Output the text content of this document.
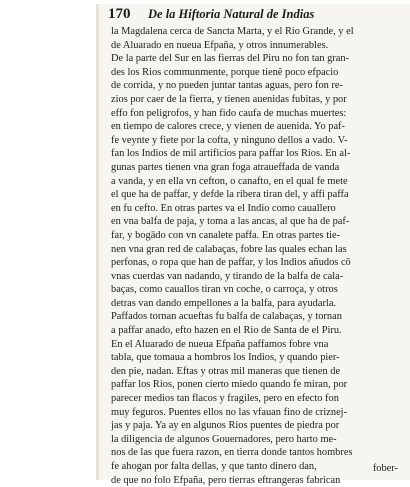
170 De la Hiftoria Natural de Indias
la Magdalena cerca de Sancta Marta, y el Rio Grande, y el
de Aluarado en nueua Efpaña, y otros innumerables.
De la parte del Sur en las fierras del Piru no fon tan gran-
des los Rios communmente, porque tienẽ poco efpacio
de corrida, y no pueden juntar tantas aguas, pero fon re-
zios por caer de la fierra, y tienen auenidas fubitas, y por
effo fon peligrofos, y han fido caufa de muchas muertes:
en tiempo de calores crece, y vienen de auenida. Yo paf-
fe veynte y fiete por la cofta, y ninguno dellos a vado. V-
fan los Indios de mil artificios para paffar los Rios. En al-
gunas partes tienen vna gran foga atraueffada de vanda
a vanda, y en ella vn cefton, o canafto, en el qual fe mete
el que ha de paffar, y defde la ribera tiran del, y affi paffa
en fu cefto. En otras partes va el Indio como cauallero
en vna balfa de paja, y toma a las ancas, al que ha de paf-
far, y bogādo con vn canalete paffa. En otras partes tie-
nen vna gran red de calabaças, fobre las quales echan las
perfonas, o ropa que han de paffar, y los Indios añudos cō
vnas cuerdas van nadando, y tirando de la balfa de cala-
baças, como cauallos tiran vn coche, o carroça, y otros
detras van dando empellones a la balfa, para ayudarla.
Paffados tornan acueftas fu balfa de calabaças, y tornan
a paffar anado, efto hazen en el Rio de Santa de el Piru.
En el Aluarado de nueua Efpaña paffamos fobre vna
tabla, que tomaua a hombros los Indios, y quando pier-
den pie, nadan. Eftas y otras mil maneras que tienen de
paffar los Rios, ponen cierto miedo quando fe miran, por
parecer medios tan flacos y fragiles, pero en efecto fon
muy feguros. Puentes ellos no las vfauan fino de criznej-
jas y paja. Ya ay en algunos Rios puentes de piedra por
la diligencia de algunos Gouernadores, pero harto me-
nos de las que fuera razon, en tierra donde tantos hombres
fe ahogan por falta dellas, y que tanto dinero dan,
de que no folo Efpaña, pero tierras eftrangeras fabrican
fober-
